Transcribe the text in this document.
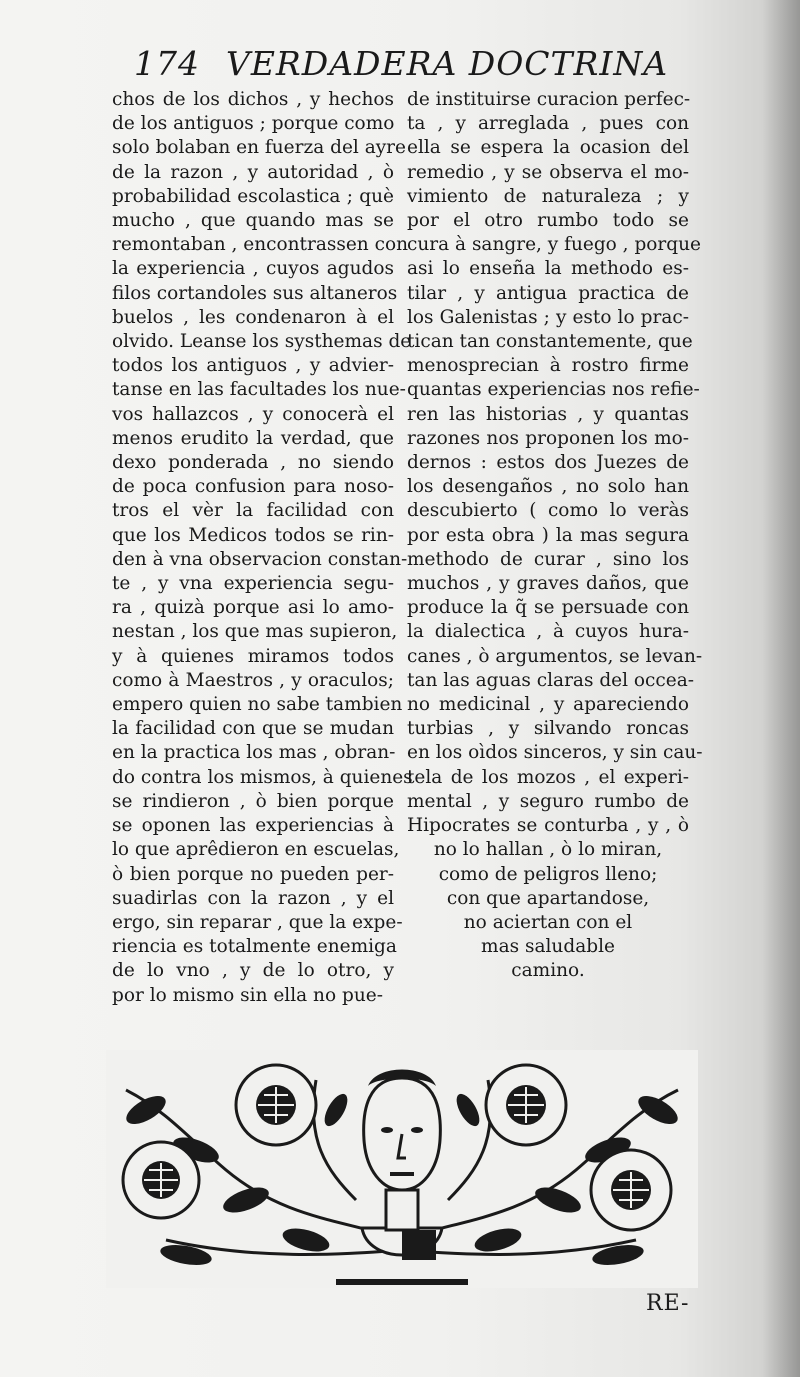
174 VERDADERA DOCTRINA
chos de los dichos , y hechos
de los antiguos ; porque como
solo bolaban en fuerza del ayre
de la razon , y autoridad , ò
probabilidad escolastica ; què
mucho , que quando mas se
remontaban , encontrassen con
la experiencia , cuyos agudos
filos cortandoles sus altaneros
buelos , les condenaron à el
olvido. Leanse los systhemas de
todos los antiguos , y advier-
tanse en las facultades los nue-
vos hallazcos , y conocerà el
menos erudito la verdad, que
dexo ponderada , no siendo
de poca confusion para noso-
tros el vèr la facilidad con
que los Medicos todos se rin-
den à vna observacion constan-
te , y vna experiencia segu-
ra , quizà porque asi lo amo-
nestan , los que mas supieron,
y à quienes miramos todos
como à Maestros , y oraculos;
empero quien no sabe tambien
la facilidad con que se mudan
en la practica los mas , obran-
do contra los mismos, à quienes
se rindieron , ò bien porque
se oponen las experiencias à
lo que aprêdieron en escuelas,
ò bien porque no pueden per-
suadirlas con la razon , y el
ergo, sin reparar , que la expe-
riencia es totalmente enemiga
de lo vno , y de lo otro, y
por lo mismo sin ella no pue-
de instituirse curacion perfec-
ta , y arreglada , pues con
ella se espera la ocasion del
remedio , y se observa el mo-
vimiento de naturaleza ; y
por el otro rumbo todo se
cura à sangre, y fuego , porque
asi lo enseña la methodo es-
tilar , y antigua practica de
los Galenistas ; y esto lo prac-
tican tan constantemente, que
menosprecian à rostro firme
quantas experiencias nos refie-
ren las historias , y quantas
razones nos proponen los mo-
dernos : estos dos Juezes de
los desengaños , no solo han
descubierto ( como lo veràs
por esta obra ) la mas segura
methodo de curar , sino los
muchos , y graves daños, que
produce la q̃ se persuade con
la dialectica , à cuyos hura-
canes , ò argumentos, se levan-
tan las aguas claras del occea-
no medicinal , y apareciendo
turbias , y silvando roncas
en los oìdos sinceros, y sin cau-
tela de los mozos , el experi-
mental , y seguro rumbo de
Hipocrates se conturba , y , ò
no lo hallan , ò lo miran,
como de peligros lleno;
con que apartandose,
no aciertan con el
mas saludable
camino.
RE-
